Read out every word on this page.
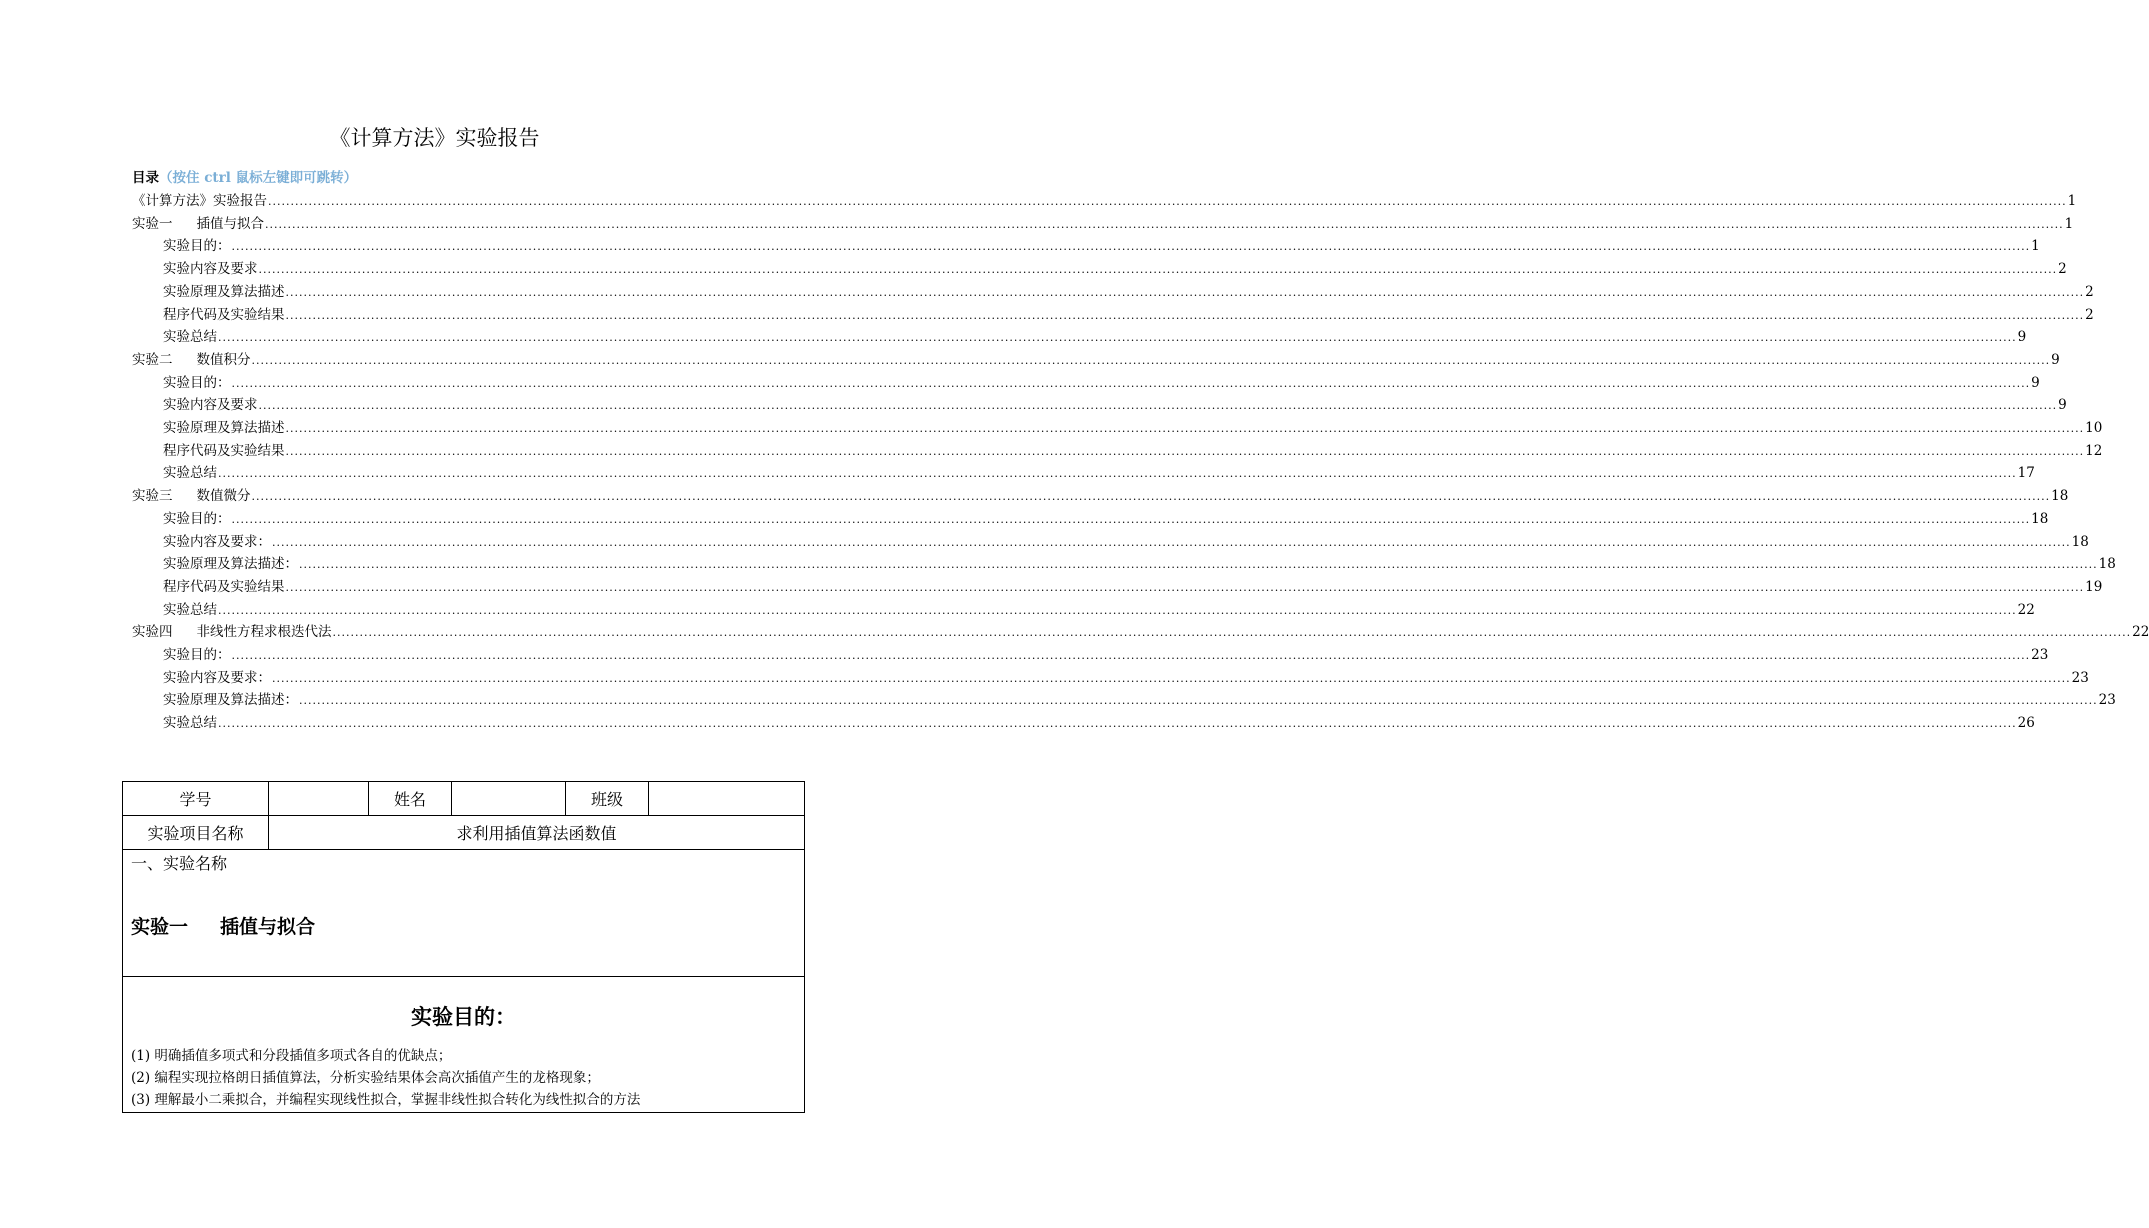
《计算方法》实验报告
目录（按住 ctrl 鼠标左键即可跳转）
《计算方法》实验报告 ................................................................................................................................................................................................................................................................................................................................................................................................................ 1
实验一 插值与拟合 ................................................................................................................................................................................................................................................................................................................................................................................................................ 1
实验目的： ................................................................................................................................................................................................................................................................................................................................................................................................................ 1
实验内容及要求 ................................................................................................................................................................................................................................................................................................................................................................................................................ 2
实验原理及算法描述 ................................................................................................................................................................................................................................................................................................................................................................................................................ 2
程序代码及实验结果 ................................................................................................................................................................................................................................................................................................................................................................................................................ 2
实验总结 ................................................................................................................................................................................................................................................................................................................................................................................................................ 9
实验二 数值积分 ................................................................................................................................................................................................................................................................................................................................................................................................................ 9
实验目的： ................................................................................................................................................................................................................................................................................................................................................................................................................ 9
实验内容及要求 ................................................................................................................................................................................................................................................................................................................................................................................................................ 9
实验原理及算法描述 ................................................................................................................................................................................................................................................................................................................................................................................................................ 10
程序代码及实验结果 ................................................................................................................................................................................................................................................................................................................................................................................................................ 12
实验总结 ................................................................................................................................................................................................................................................................................................................................................................................................................ 17
实验三 数值微分 ................................................................................................................................................................................................................................................................................................................................................................................................................ 18
实验目的： ................................................................................................................................................................................................................................................................................................................................................................................................................ 18
实验内容及要求： ................................................................................................................................................................................................................................................................................................................................................................................................................ 18
实验原理及算法描述： ................................................................................................................................................................................................................................................................................................................................................................................................................ 18
程序代码及实验结果 ................................................................................................................................................................................................................................................................................................................................................................................................................ 19
实验总结 ................................................................................................................................................................................................................................................................................................................................................................................................................ 22
实验四 非线性方程求根迭代法 ................................................................................................................................................................................................................................................................................................................................................................................................................ 22
实验目的： ................................................................................................................................................................................................................................................................................................................................................................................................................ 23
实验内容及要求： ................................................................................................................................................................................................................................................................................................................................................................................................................ 23
实验原理及算法描述： ................................................................................................................................................................................................................................................................................................................................................................................................................ 23
实验总结 ................................................................................................................................................................................................................................................................................................................................................................................................................ 26
学号		姓名		班级	
实验项目名称	求利用插值算法函数值				

一、实验名称
实验一 插值与拟合					

实验目的：
(1) 明确插值多项式和分段插值多项式各自的优缺点；
(2) 编程实现拉格朗日插值算法，分析实验结果体会高次插值产生的龙格现象；
(3) 理解最小二乘拟合，并编程实现线性拟合，掌握非线性拟合转化为线性拟合的方法					
